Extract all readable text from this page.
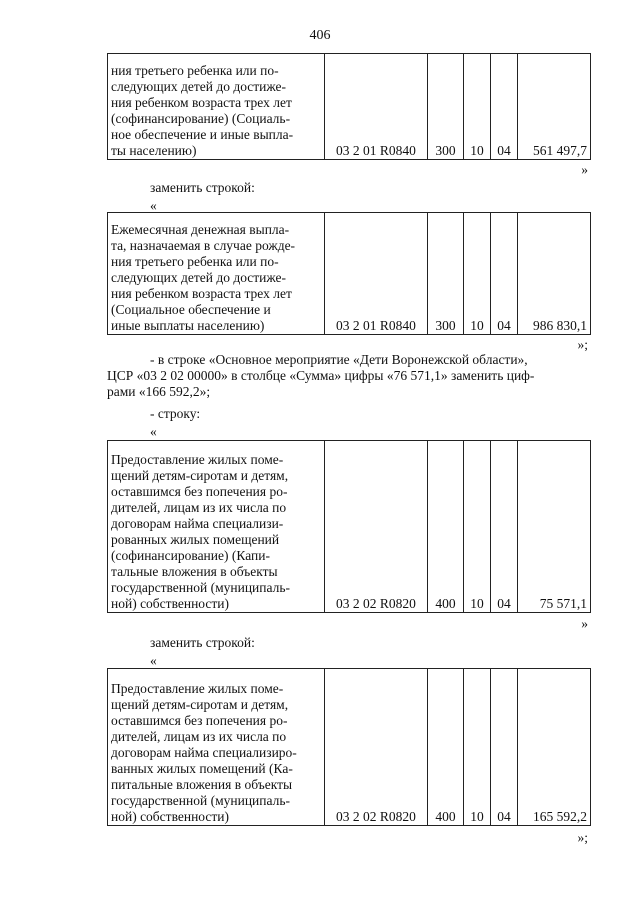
406
ния третьего ребенка или по-
следующих детей до достиже-
ния ребенком возраста трех лет
(софинансирование) (Социаль-
ное обеспечение и иные выпла-
ты населению)	03 2 01 R0840	300	10	04	561 497,7
»
заменить строкой:
«
Ежемесячная денежная выпла-
та, назначаемая в случае рожде-
ния третьего ребенка или по-
следующих детей до достиже-
ния ребенком возраста трех лет
(Социальное обеспечение и
иные выплаты населению)	03 2 01 R0840	300	10	04	986 830,1
»;
- в строке «Основное мероприятие «Дети Воронежской области»,
ЦСР «03 2 02 00000» в столбце «Сумма» цифры «76 571,1» заменить циф-
рами «166 592,2»;
- строку:
«
Предоставление жилых поме-
щений детям-сиротам и детям,
оставшимся без попечения ро-
дителей, лицам из их числа по
договорам найма специализи-
рованных жилых помещений
(софинансирование) (Капи-
тальные вложения в объекты
государственной (муниципаль-
ной) собственности)	03 2 02 R0820	400	10	04	75 571,1
»
заменить строкой:
«
Предоставление жилых поме-
щений детям-сиротам и детям,
оставшимся без попечения ро-
дителей, лицам из их числа по
договорам найма специализиро-
ванных жилых помещений (Ка-
питальные вложения в объекты
государственной (муниципаль-
ной) собственности)	03 2 02 R0820	400	10	04	165 592,2
»;
